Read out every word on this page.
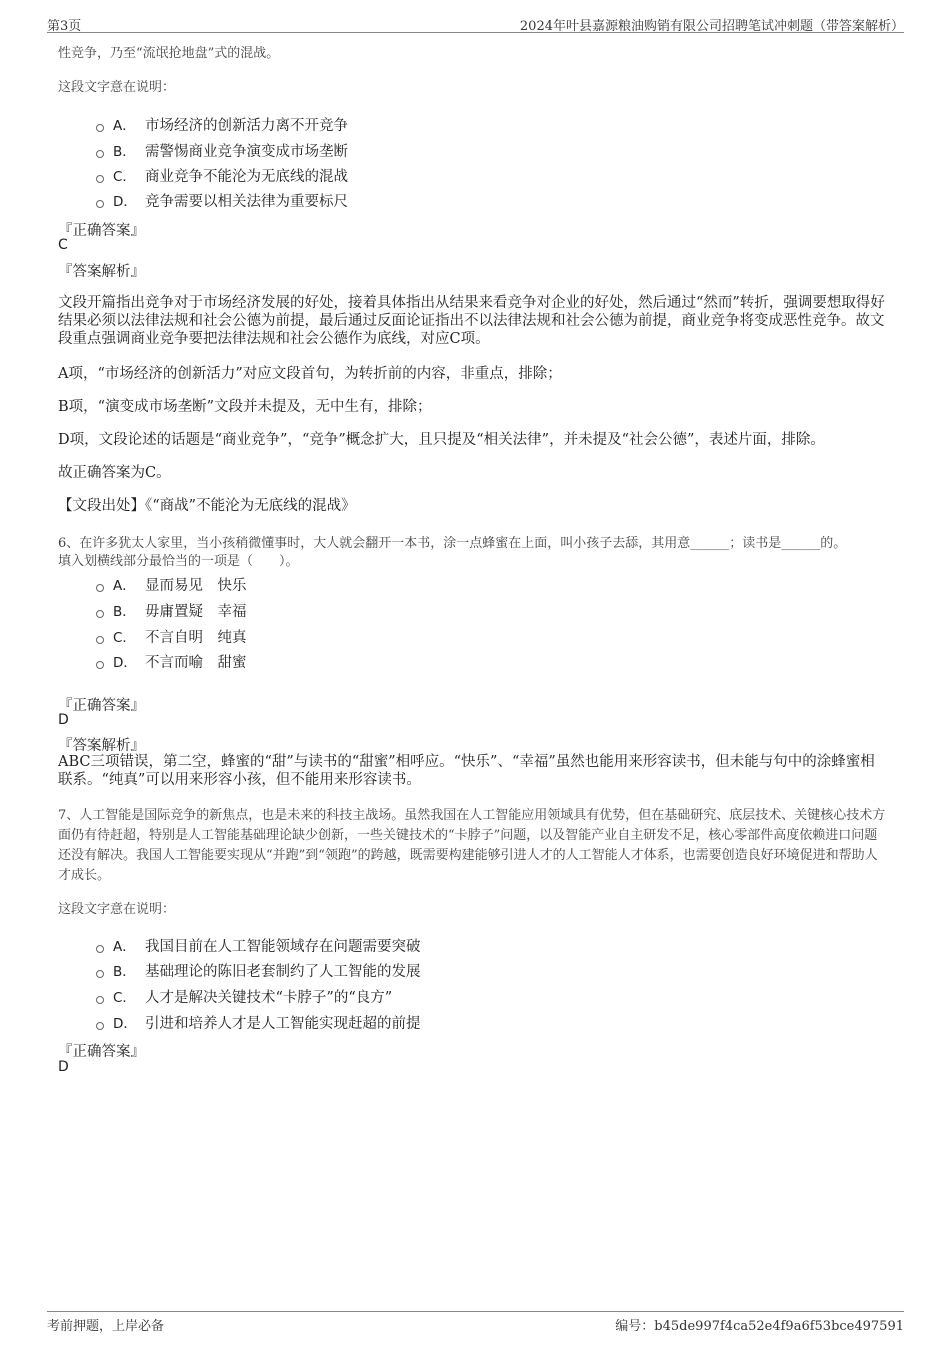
第3页	2024年叶县嘉源粮油购销有限公司招聘笔试冲刺题（带答案解析）

性竞争，乃至“流氓抢地盘”式的混战。

这段文字意在说明：

A． 市场经济的创新活力离不开竞争
B． 需警惕商业竞争演变成市场垄断
C． 商业竞争不能沦为无底线的混战
D． 竞争需要以相关法律为重要标尺

『正确答案』

C

『答案解析』

文段开篇指出竞争对于市场经济发展的好处，接着具体指出从结果来看竞争对企业的好处，然后通过“然而”转折，强调要想取得好结果必须以法律法规和社会公德为前提，最后通过反面论证指出不以法律法规和社会公德为前提，商业竞争将变成恶性竞争。故文段重点强调商业竞争要把法律法规和社会公德作为底线，对应C项。

A项，“市场经济的创新活力”对应文段首句，为转折前的内容，非重点，排除；

B项，“演变成市场垄断”文段并未提及，无中生有，排除；

D项，文段论述的话题是“商业竞争”，“竞争”概念扩大，且只提及“相关法律”，并未提及“社会公德”，表述片面，排除。

故正确答案为C。

【文段出处】《“商战”不能沦为无底线的混战》

6、在许多犹太人家里，当小孩稍微懂事时，大人就会翻开一本书，涂一点蜂蜜在上面，叫小孩子去舔，其用意______；读书是______的。

填入划横线部分最恰当的一项是（　　）。

A． 显而易见　快乐
B． 毋庸置疑　幸福
C． 不言自明　纯真
D． 不言而喻　甜蜜

『正确答案』

D

『答案解析』

ABC三项错误，第二空，蜂蜜的“甜”与读书的“甜蜜”相呼应。“快乐”、“幸福”虽然也能用来形容读书，但未能与句中的涂蜂蜜相联系。“纯真”可以用来形容小孩，但不能用来形容读书。

7、人工智能是国际竞争的新焦点，也是未来的科技主战场。虽然我国在人工智能应用领域具有优势，但在基础研究、底层技术、关键核心技术方面仍有待赶超，特别是人工智能基础理论缺少创新，一些关键技术的“卡脖子”问题，以及智能产业自主研发不足，核心零部件高度依赖进口问题还没有解决。我国人工智能要实现从“并跑”到“领跑”的跨越，既需要构建能够引进人才的人工智能人才体系，也需要创造良好环境促进和帮助人才成长。

这段文字意在说明：

A． 我国目前在人工智能领域存在问题需要突破
B． 基础理论的陈旧老套制约了人工智能的发展
C． 人才是解决关键技术“卡脖子”的“良方”
D． 引进和培养人才是人工智能实现赶超的前提

『正确答案』

D

考前押题，上岸必备	编号：b45de997f4ca52e4f9a6f53bce497591
